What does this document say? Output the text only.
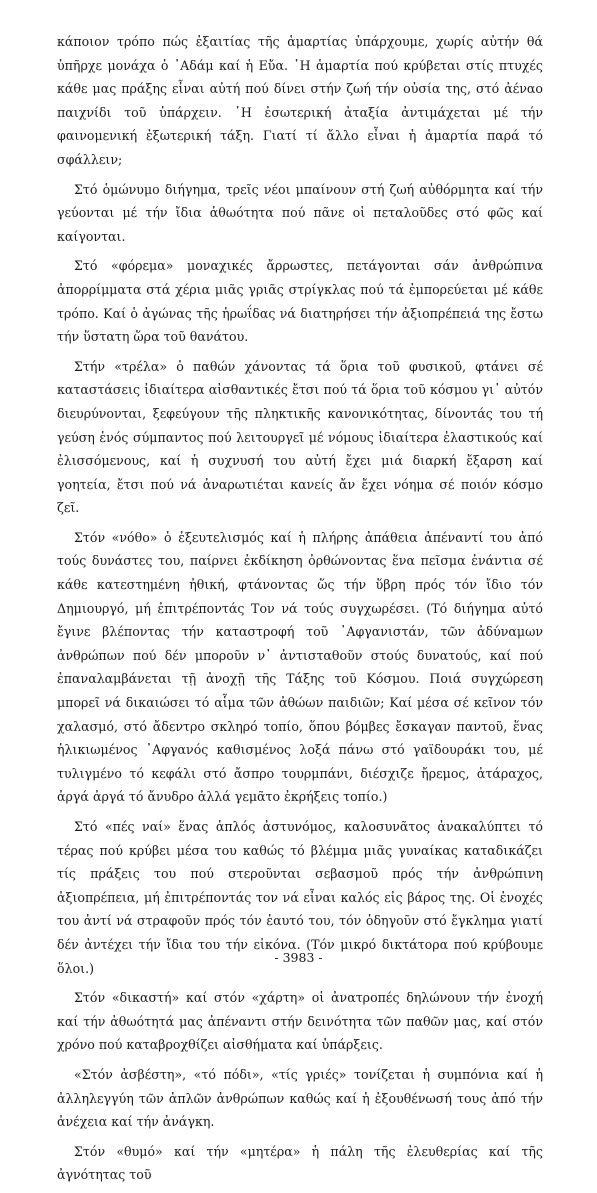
κάποιον τρόπο πώς ἐξαιτίας τῆς ἁμαρτίας ὑπάρχουμε, χωρίς αὐτήν θά ὑπῆρχε μονάχα ὁ ᾽Αδάμ καί ἡ Εὔα. ῾Η ἁμαρτία πού κρύβεται στίς πτυχές κάθε μας πράξης εἶναι αὐτή πού δίνει στήν ζωή τήν οὐσία της, στό ἀέναο παιχνίδι τοῦ ὑπάρχειν. ῾Η ἐσωτερική ἀταξία ἀντιμάχεται μέ τήν φαινομενική ἐξωτερική τάξη. Γιατί τί ἄλλο εἶναι ἡ ἁμαρτία παρά τό σφάλλειν;

Στό ὁμώνυμο διήγημα, τρεῖς νέοι μπαίνουν στή ζωή αὐθόρμητα καί τήν γεύονται μέ τήν ἴδια ἀθωότητα πού πᾶνε οἱ πεταλοῦδες στό φῶς καί καίγονται.

Στό «φόρεμα» μοναχικές ἄρρωστες, πετάγονται σάν ἀνθρώπινα ἀπορρίμματα στά χέρια μιᾶς γριᾶς στρίγκλας πού τά ἐμπορεύεται μέ κάθε τρόπο. Καί ὁ ἀγώνας τῆς ἡρωΐδας νά διατηρήσει τήν ἀξιοπρέπειά της ἔστω τήν ὕστατη ὥρα τοῦ θανάτου.

Στήν «τρέλα» ὁ παθών χάνοντας τά ὅρια τοῦ φυσικοῦ, φτάνει σέ καταστάσεις ἰδιαίτερα αἰσθαντικές ἔτσι πού τά ὅρια τοῦ κόσμου γι᾽ αὐτόν διευρύνονται, ξεφεύγουν τῆς πληκτικῆς κανονικότητας, δίνοντάς του τή γεύση ἑνός σύμπαντος πού λειτουργεῖ μέ νόμους ἰδιαίτερα ἐλαστικούς καί ἐλισσόμενους, καί ἡ συχνυσή του αὐτή ἔχει μιά διαρκή ἔξαρση καί γοητεία, ἔτσι πού νά ἀναρωτιέται κανείς ἄν ἔχει νόημα σέ ποιόν κόσμο ζεῖ.

Στόν «νόθο» ὁ ἐξευτελισμός καί ἡ πλήρης ἀπάθεια ἀπέναντί του ἀπό τούς δυνάστες του, παίρνει ἐκδίκηση ὀρθώνοντας ἕνα πεῖσμα ἐνάντια σέ κάθε κατεστημένη ἠθική, φτάνοντας ὥς τήν ὕβρη πρός τόν ἴδιο τόν Δημιουργό, μή ἐπιτρέποντάς Τον νά τούς συγχωρέσει. (Τό διήγημα αὐτό ἔγινε βλέποντας τήν καταστροφή τοῦ ᾽Αφγανιστάν, τῶν ἀδύναμων ἀνθρώπων πού δέν μποροῦν ν᾽ ἀντισταθοῦν στούς δυνατούς, καί πού ἐπαναλαμβάνεται τῇ ἀνοχῇ τῆς Τάξης τοῦ Κόσμου. Ποιά συγχώρεση μπορεῖ νά δικαιώσει τό αἷμα τῶν ἀθώων παιδιῶν; Καί μέσα σέ κεῖνον τόν χαλασμό, στό ἄδεντρο σκληρό τοπίο, ὅπου βόμβες ἔσκαγαν παντοῦ, ἕνας ἡλικιωμένος ᾽Αφγανός καθισμένος λοξά πάνω στό γαϊδουράκι του, μέ τυλιγμένο τό κεφάλι στό ἄσπρο τουρμπάνι, διέσχιζε ἤρεμος, ἀτάραχος, ἀργά ἀργά τό ἄνυδρο ἀλλά γεμᾶτο ἐκρήξεις τοπίο.)

Στό «πές ναί» ἕνας ἁπλός ἀστυνόμος, καλοσυνᾶτος ἀνακαλύπτει τό τέρας πού κρύβει μέσα του καθώς τό βλέμμα μιᾶς γυναίκας καταδικάζει τίς πράξεις του πού στεροῦνται σεβασμοῦ πρός τήν ἀνθρώπινη ἀξιοπρέπεια, μή ἐπιτρέποντάς τον νά εἶναι καλός εἰς βάρος της. Οἱ ἐνοχές του ἀντί νά στραφοῦν πρός τόν ἑαυτό του, τόν ὁδηγοῦν στό ἔγκλημα γιατί δέν ἀντέχει τήν ἴδια του τήν εἰκόνα. (Τόν μικρό δικτάτορα πού κρύβουμε ὅλοι.)

Στόν «δικαστή» καί στόν «χάρτη» οἱ ἀνατροπές δηλώνουν τήν ἐνοχή καί τήν ἀθωότητά μας ἀπέναντι στήν δεινότητα τῶν παθῶν μας, καί στόν χρόνο πού καταβροχθίζει αἰσθήματα καί ὑπάρξεις.

«Στόν ἀσβέστη», «τό πόδι», «τίς γριές» τονίζεται ἡ συμπόνια καί ἡ ἀλληλεγγύη τῶν ἁπλῶν ἀνθρώπων καθώς καί ἡ ἐξουθένωσή τους ἀπό τήν ἀνέχεια καί τήν ἀνάγκη.

Στόν «θυμό» καί τήν «μητέρα» ἡ πάλη τῆς ἐλευθερίας καί τῆς ἀγνότητας τοῦ

- 3983 -
